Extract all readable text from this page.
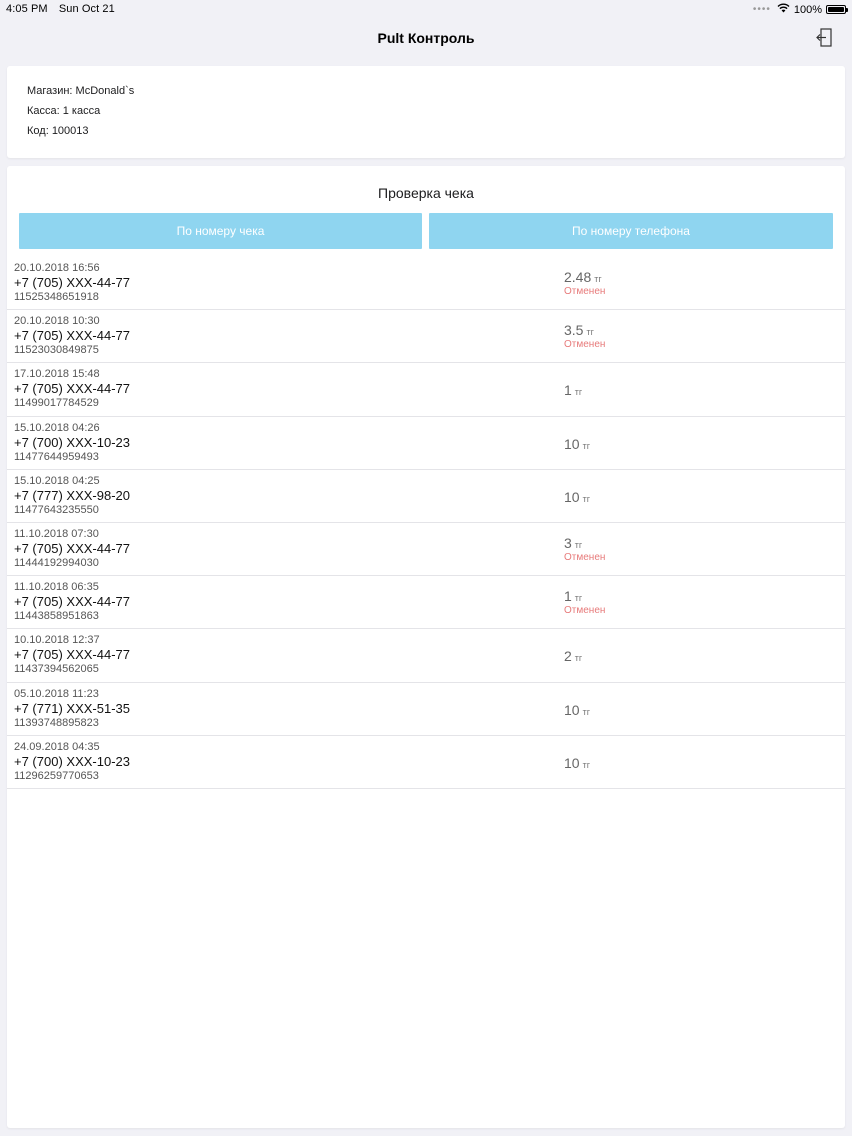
4:05 PM Sun Oct 21	•••• 100%
Pult Контроль
Магазин: McDonald`s
Касса: 1 касса
Код: 100013
Проверка чека
По номеру чека	По номеру телефона
20.10.2018 16:56
+7 (705) XXX-44-77
11525348651918
2.48 тг
Отменен
20.10.2018 10:30
+7 (705) XXX-44-77
11523030849875
3.5 тг
Отменен
17.10.2018 15:48
+7 (705) XXX-44-77
11499017784529
1 тг
15.10.2018 04:26
+7 (700) XXX-10-23
11477644959493
10 тг
15.10.2018 04:25
+7 (777) XXX-98-20
11477643235550
10 тг
11.10.2018 07:30
+7 (705) XXX-44-77
11444192994030
3 тг
Отменен
11.10.2018 06:35
+7 (705) XXX-44-77
11443858951863
1 тг
Отменен
10.10.2018 12:37
+7 (705) XXX-44-77
11437394562065
2 тг
05.10.2018 11:23
+7 (771) XXX-51-35
11393748895823
10 тг
24.09.2018 04:35
+7 (700) XXX-10-23
11296259770653
10 тг
